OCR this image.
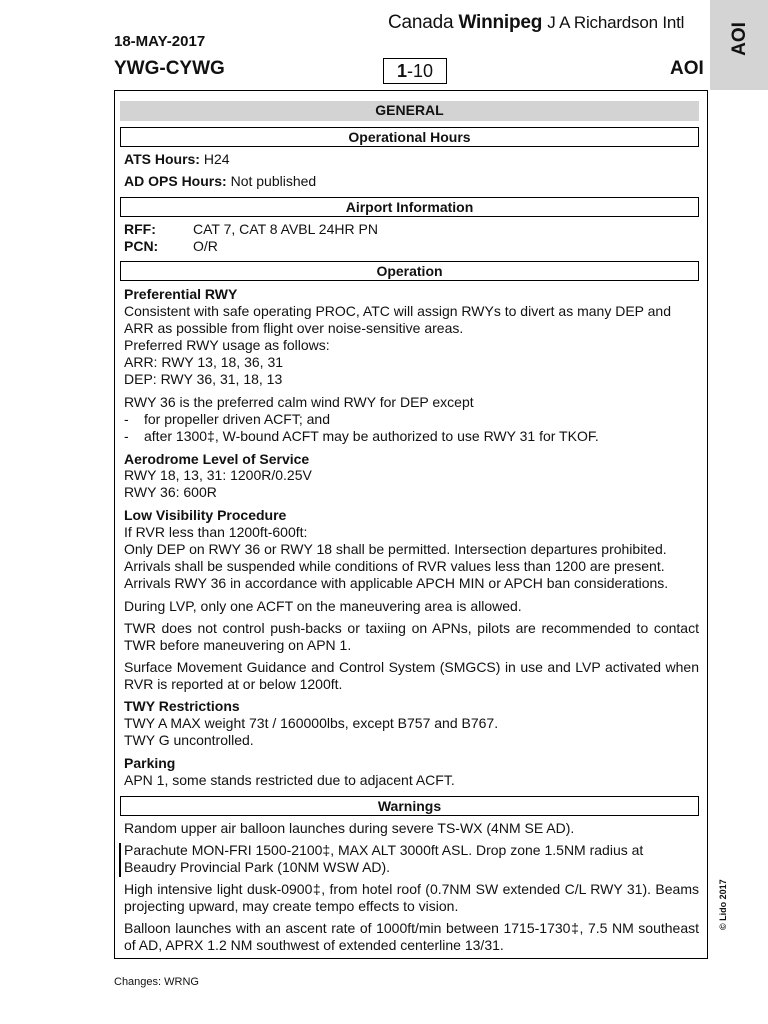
AOI
Canada Winnipeg J A Richardson Intl
18-MAY-2017
YWG-CYWG	1-10	AOI
GENERAL
Operational Hours
ATS Hours: H24
AD OPS Hours: Not published
Airport Information
RFF:	CAT 7, CAT 8 AVBL 24HR PN
PCN: O/R
Operation
Preferential RWY
Consistent with safe operating PROC, ATC will assign RWYs to divert as many DEP and ARR as possible from flight over noise-sensitive areas.
Preferred RWY usage as follows:
ARR: RWY 13, 18, 36, 31
DEP: RWY 36, 31, 18, 13
RWY 36 is the preferred calm wind RWY for DEP except
- for propeller driven ACFT; and
- after 1300‡, W-bound ACFT may be authorized to use RWY 31 for TKOF.
Aerodrome Level of Service
RWY 18, 13, 31: 1200R/0.25V
RWY 36: 600R
Low Visibility Procedure
If RVR less than 1200ft-600ft:
Only DEP on RWY 36 or RWY 18 shall be permitted. Intersection departures prohibited.
Arrivals shall be suspended while conditions of RVR values less than 1200 are present.
Arrivals RWY 36 in accordance with applicable APCH MIN or APCH ban considerations.
During LVP, only one ACFT on the maneuvering area is allowed.
TWR does not control push-backs or taxiing on APNs, pilots are recommended to contact TWR before maneuvering on APN 1.
Surface Movement Guidance and Control System (SMGCS) in use and LVP activated when RVR is reported at or below 1200ft.
TWY Restrictions
TWY A MAX weight 73t / 160000lbs, except B757 and B767.
TWY G uncontrolled.
Parking
APN 1, some stands restricted due to adjacent ACFT.
Warnings
Random upper air balloon launches during severe TS-WX (4NM SE AD).
Parachute MON-FRI 1500-2100‡, MAX ALT 3000ft ASL. Drop zone 1.5NM radius at Beaudry Provincial Park (10NM WSW AD).
High intensive light dusk-0900‡, from hotel roof (0.7NM SW extended C/L RWY 31). Beams projecting upward, may create tempo effects to vision.
Balloon launches with an ascent rate of 1000ft/min between 1715-1730‡, 7.5 NM southeast of AD, APRX 1.2 NM southwest of extended centerline 13/31.
© Lido 2017
Changes: WRNG
